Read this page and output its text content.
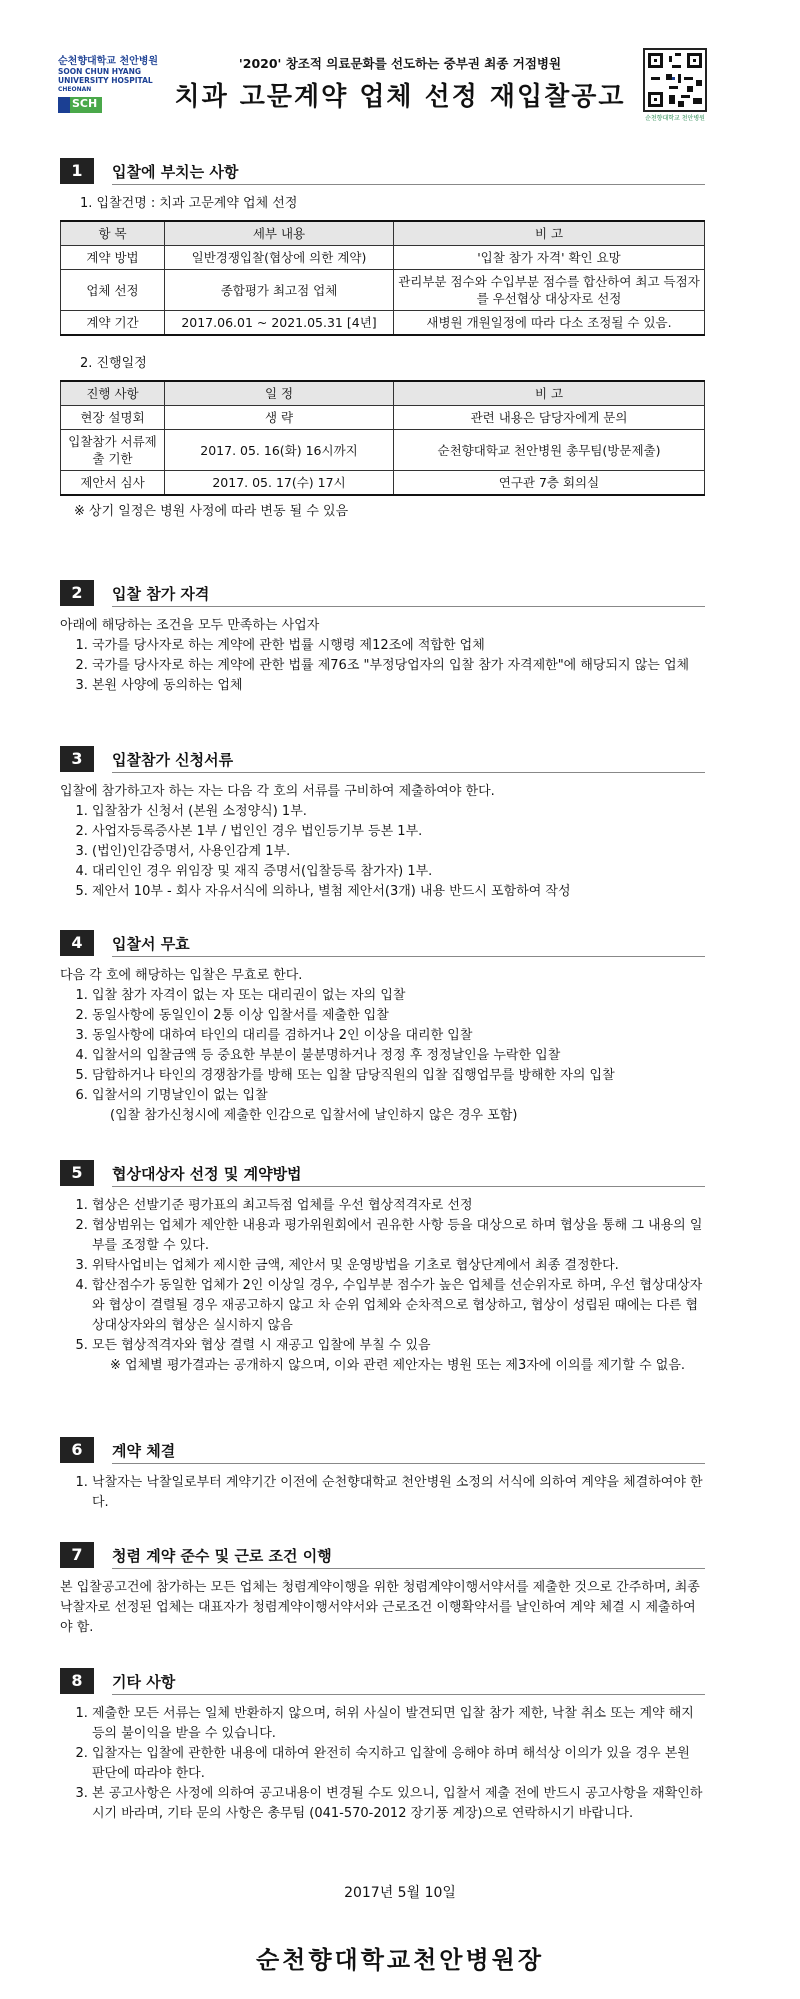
순천향대학교 천안병원
SOON CHUN HYANG
UNIVERSITY HOSPITAL
CHEONAN
SCH
'2020' 창조적 의료문화를 선도하는 중부권 최종 거점병원
치과 고문계약 업체 선정 재입찰공고
순천향대학교 천안병원
1	입찰에 부치는 사항

1. 입찰건명 : 치과 고문계약 업체 선정

항 목	세부 내용	비 고
계약 방법	일반경쟁입찰(협상에 의한 계약)	'입찰 참가 자격' 확인 요망
업체 선정	종합평가 최고점 업체	관리부분 점수와 수입부분 점수를 합산하여 최고 득점자를 우선협상 대상자로 선정
계약 기간	2017.06.01 ~ 2021.05.31 [4년]	새병원 개원일정에 따라 다소 조정될 수 있음.

2. 진행일정

진행 사항	일 정	비 고
현장 설명회	생 략	관련 내용은 담당자에게 문의
입찰참가 서류제출 기한	2017. 05. 16(화) 16시까지	순천향대학교 천안병원 총무팀(방문제출)
제안서 심사	2017. 05. 17(수) 17시	연구관 7층 회의실

※ 상기 일정은 병원 사정에 따라 변동 될 수 있음

2	입찰 참가 자격

아래에 해당하는 조건을 모두 만족하는 사업자

1. 국가를 당사자로 하는 계약에 관한 법률 시행령 제12조에 적합한 업체
2. 국가를 당사자로 하는 계약에 관한 법률 제76조 "부정당업자의 입찰 참가 자격제한"에 해당되지 않는 업체
3. 본원 사양에 동의하는 업체
3	입찰참가 신청서류

입찰에 참가하고자 하는 자는 다음 각 호의 서류를 구비하여 제출하여야 한다.

1. 입찰참가 신청서 (본원 소정양식) 1부.
2. 사업자등록증사본 1부 / 법인인 경우 법인등기부 등본 1부.
3. (법인)인감증명서, 사용인감계 1부.
4. 대리인인 경우 위임장 및 재직 증명서(입찰등록 참가자) 1부.
5. 제안서 10부 - 회사 자유서식에 의하나, 별첨 제안서(3개) 내용 반드시 포함하여 작성
4	입찰서 무효

다음 각 호에 해당하는 입찰은 무효로 한다.

1. 입찰 참가 자격이 없는 자 또는 대리권이 없는 자의 입찰
2. 동일사항에 동일인이 2통 이상 입찰서를 제출한 입찰
3. 동일사항에 대하여 타인의 대리를 겸하거나 2인 이상을 대리한 입찰
4. 입찰서의 입찰금액 등 중요한 부분이 불분명하거나 정정 후 정정날인을 누락한 입찰
5. 담합하거나 타인의 경쟁참가를 방해 또는 입찰 담당직원의 입찰 집행업무를 방해한 자의 입찰
6. 입찰서의 기명날인이 없는 입찰

(입찰 참가신청시에 제출한 인감으로 입찰서에 날인하지 않은 경우 포함)

5	협상대상자 선정 및 계약방법
1. 협상은 선발기준 평가표의 최고득점 업체를 우선 협상적격자로 선정
2. 협상범위는 업체가 제안한 내용과 평가위원회에서 권유한 사항 등을 대상으로 하며 협상을 통해 그 내용의 일부를 조정할 수 있다.
3. 위탁사업비는 업체가 제시한 금액, 제안서 및 운영방법을 기초로 협상단계에서 최종 결정한다.
4. 합산점수가 동일한 업체가 2인 이상일 경우, 수입부분 점수가 높은 업체를 선순위자로 하며, 우선 협상대상자와 협상이 결렬될 경우 재공고하지 않고 차 순위 업체와 순차적으로 협상하고, 협상이 성립된 때에는 다른 협상대상자와의 협상은 실시하지 않음
5. 모든 협상적격자와 협상 결렬 시 재공고 입찰에 부칠 수 있음

※ 업체별 평가결과는 공개하지 않으며, 이와 관련 제안자는 병원 또는 제3자에 이의를 제기할 수 없음.

6	계약 체결
1. 낙찰자는 낙찰일로부터 계약기간 이전에 순천향대학교 천안병원 소정의 서식에 의하여 계약을 체결하여야 한다.
7	청렴 계약 준수 및 근로 조건 이행

본 입찰공고건에 참가하는 모든 업체는 청렴계약이행을 위한 청렴계약이행서약서를 제출한 것으로 간주하며, 최종 낙찰자로 선정된 업체는 대표자가 청렴계약이행서약서와 근로조건 이행확약서를 날인하여 계약 체결 시 제출하여야 함.

8	기타 사항
1. 제출한 모든 서류는 일체 반환하지 않으며, 허위 사실이 발견되면 입찰 참가 제한, 낙찰 취소 또는 계약 해지 등의 불이익을 받을 수 있습니다.
2. 입찰자는 입찰에 관한한 내용에 대하여 완전히 숙지하고 입찰에 응해야 하며 해석상 이의가 있을 경우 본원 판단에 따라야 한다.
3. 본 공고사항은 사정에 의하여 공고내용이 변경될 수도 있으니, 입찰서 제출 전에 반드시 공고사항을 재확인하시기 바라며, 기타 문의 사항은 총무팀 (041-570-2012 장기풍 계장)으로 연락하시기 바랍니다.
2017년 5월 10일
순천향대학교천안병원장
